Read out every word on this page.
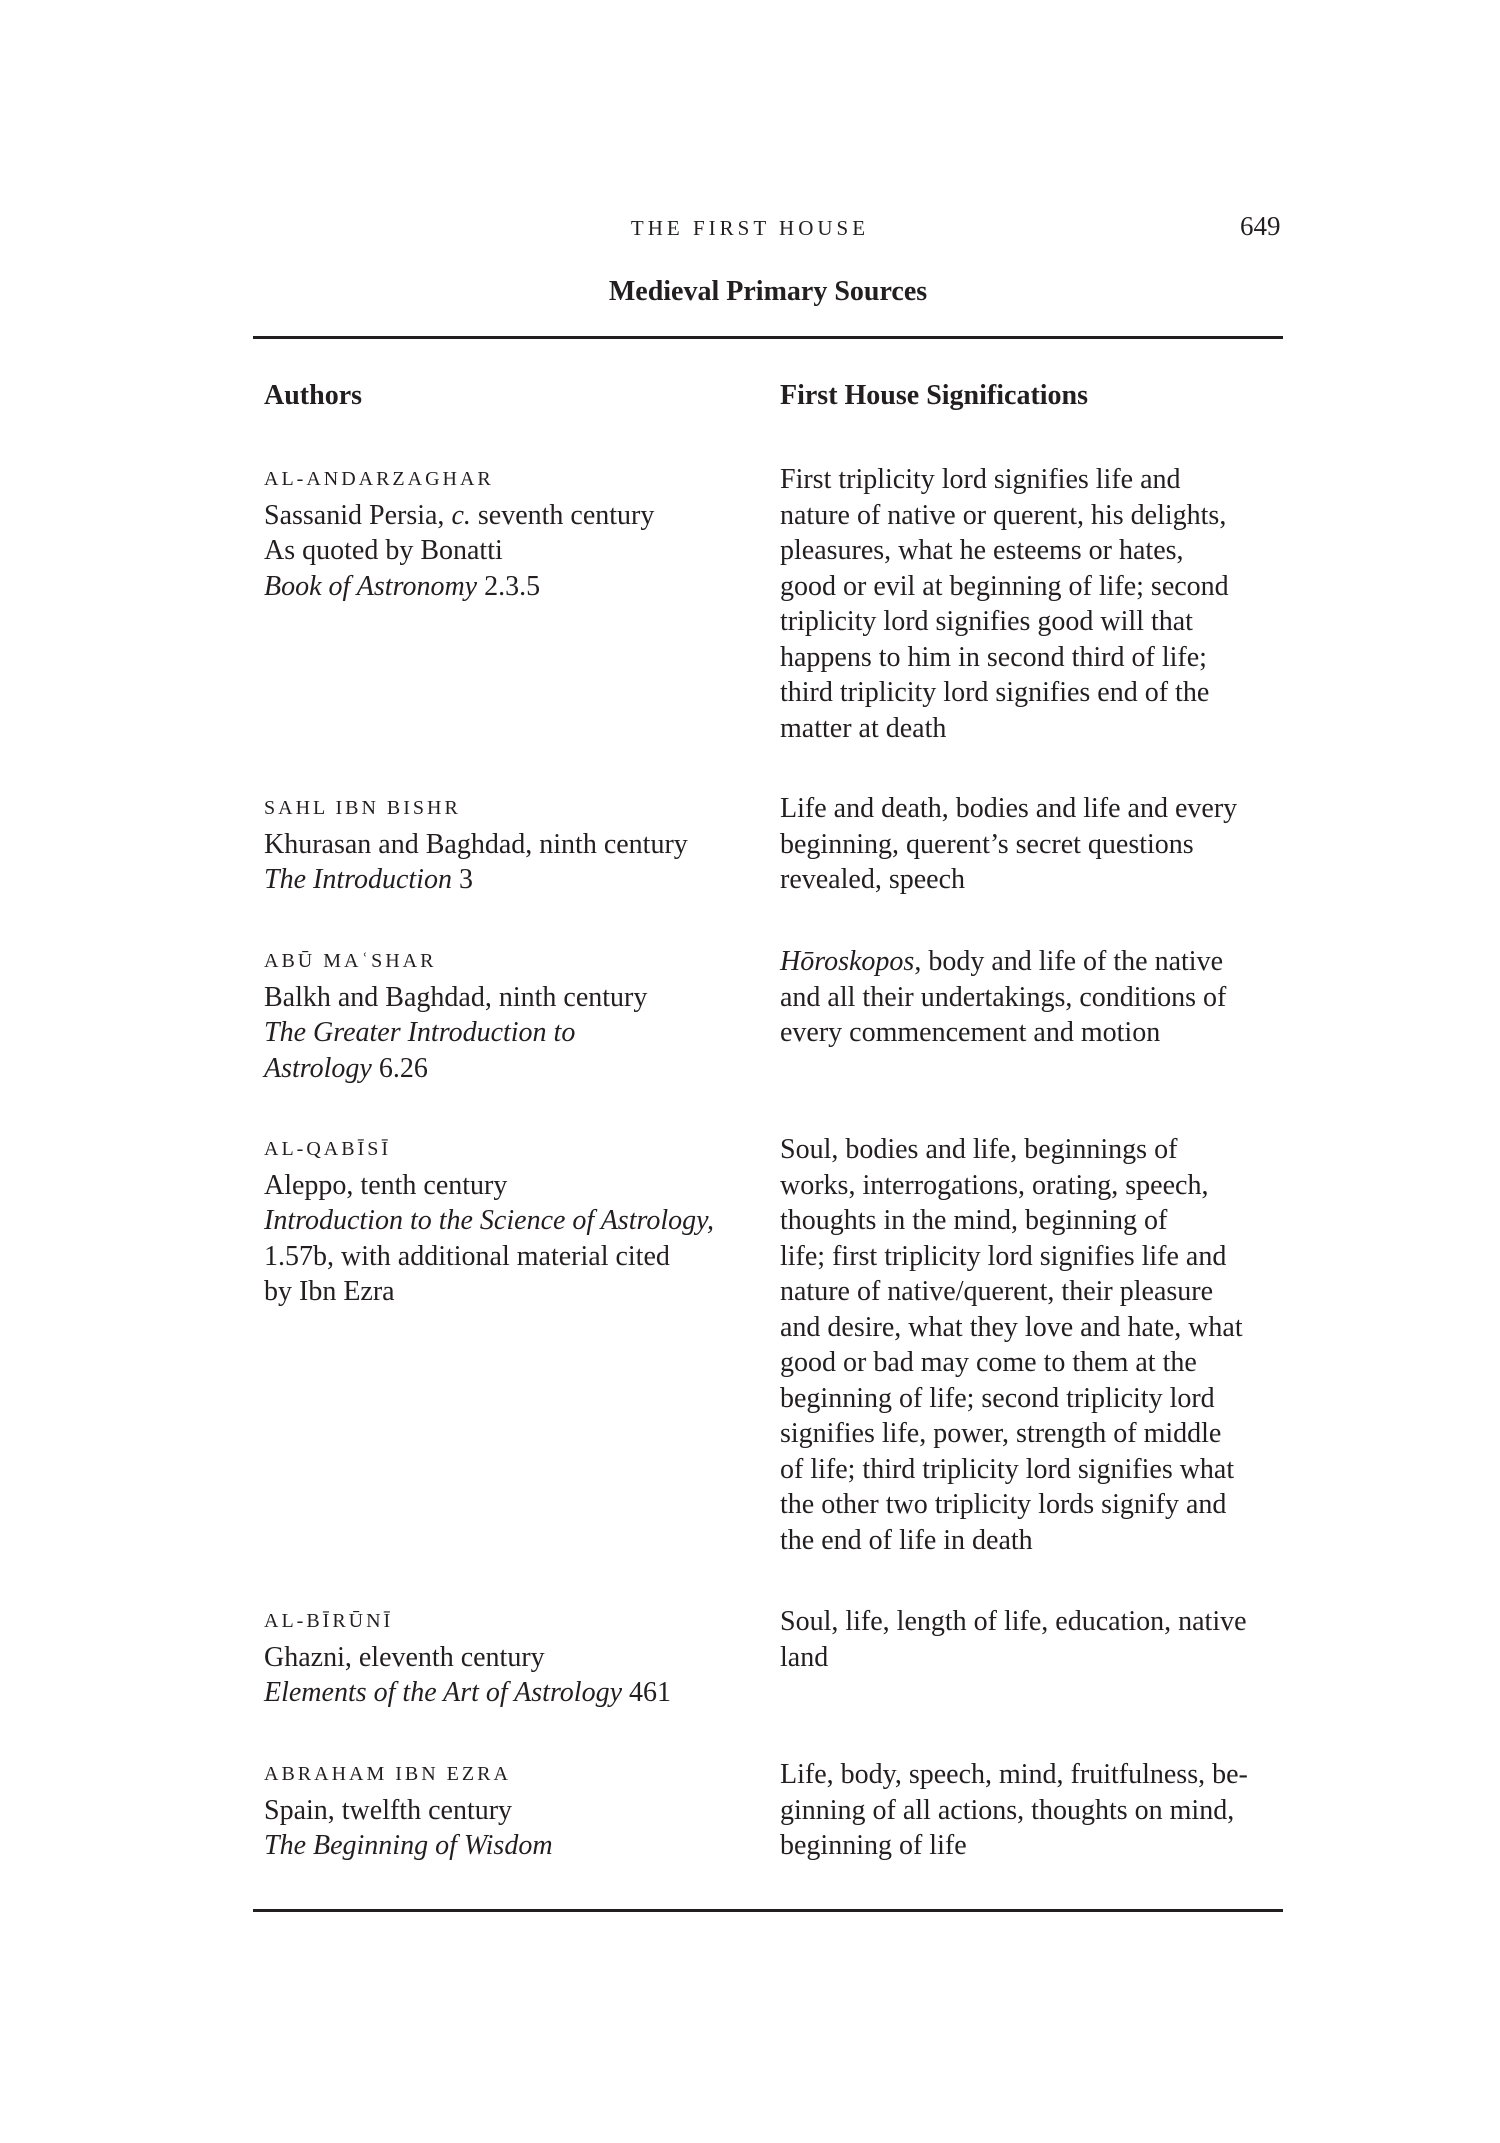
THE FIRST HOUSE	649
Medieval Primary Sources
Authors	First House Significations
AL-ANDARZAGHAR
Sassanid Persia, c. seventh century
As quoted by Bonatti
Book of Astronomy 2.3.5
First triplicity lord signifies life and
nature of native or querent, his delights,
pleasures, what he esteems or hates,
good or evil at beginning of life; second
triplicity lord signifies good will that
happens to him in second third of life;
third triplicity lord signifies end of the
matter at death
SAHL IBN BISHR
Khurasan and Baghdad, ninth century
The Introduction 3
Life and death, bodies and life and every
beginning, querent’s secret questions
revealed, speech
ABŪ MAʿSHAR
Balkh and Baghdad, ninth century
The Greater Introduction to
Astrology 6.26
Hōroskopos, body and life of the native
and all their undertakings, conditions of
every commencement and motion
AL-QABĪSĪ
Aleppo, tenth century
Introduction to the Science of Astrology,
1.57b, with additional material cited
by Ibn Ezra
Soul, bodies and life, beginnings of
works, interrogations, orating, speech,
thoughts in the mind, beginning of
life; first triplicity lord signifies life and
nature of native/querent, their pleasure
and desire, what they love and hate, what
good or bad may come to them at the
beginning of life; second triplicity lord
signifies life, power, strength of middle
of life; third triplicity lord signifies what
the other two triplicity lords signify and
the end of life in death
AL-BĪRŪNĪ
Ghazni, eleventh century
Elements of the Art of Astrology 461
Soul, life, length of life, education, native
land
ABRAHAM IBN EZRA
Spain, twelfth century
The Beginning of Wisdom
Life, body, speech, mind, fruitfulness, be-
ginning of all actions, thoughts on mind,
beginning of life
